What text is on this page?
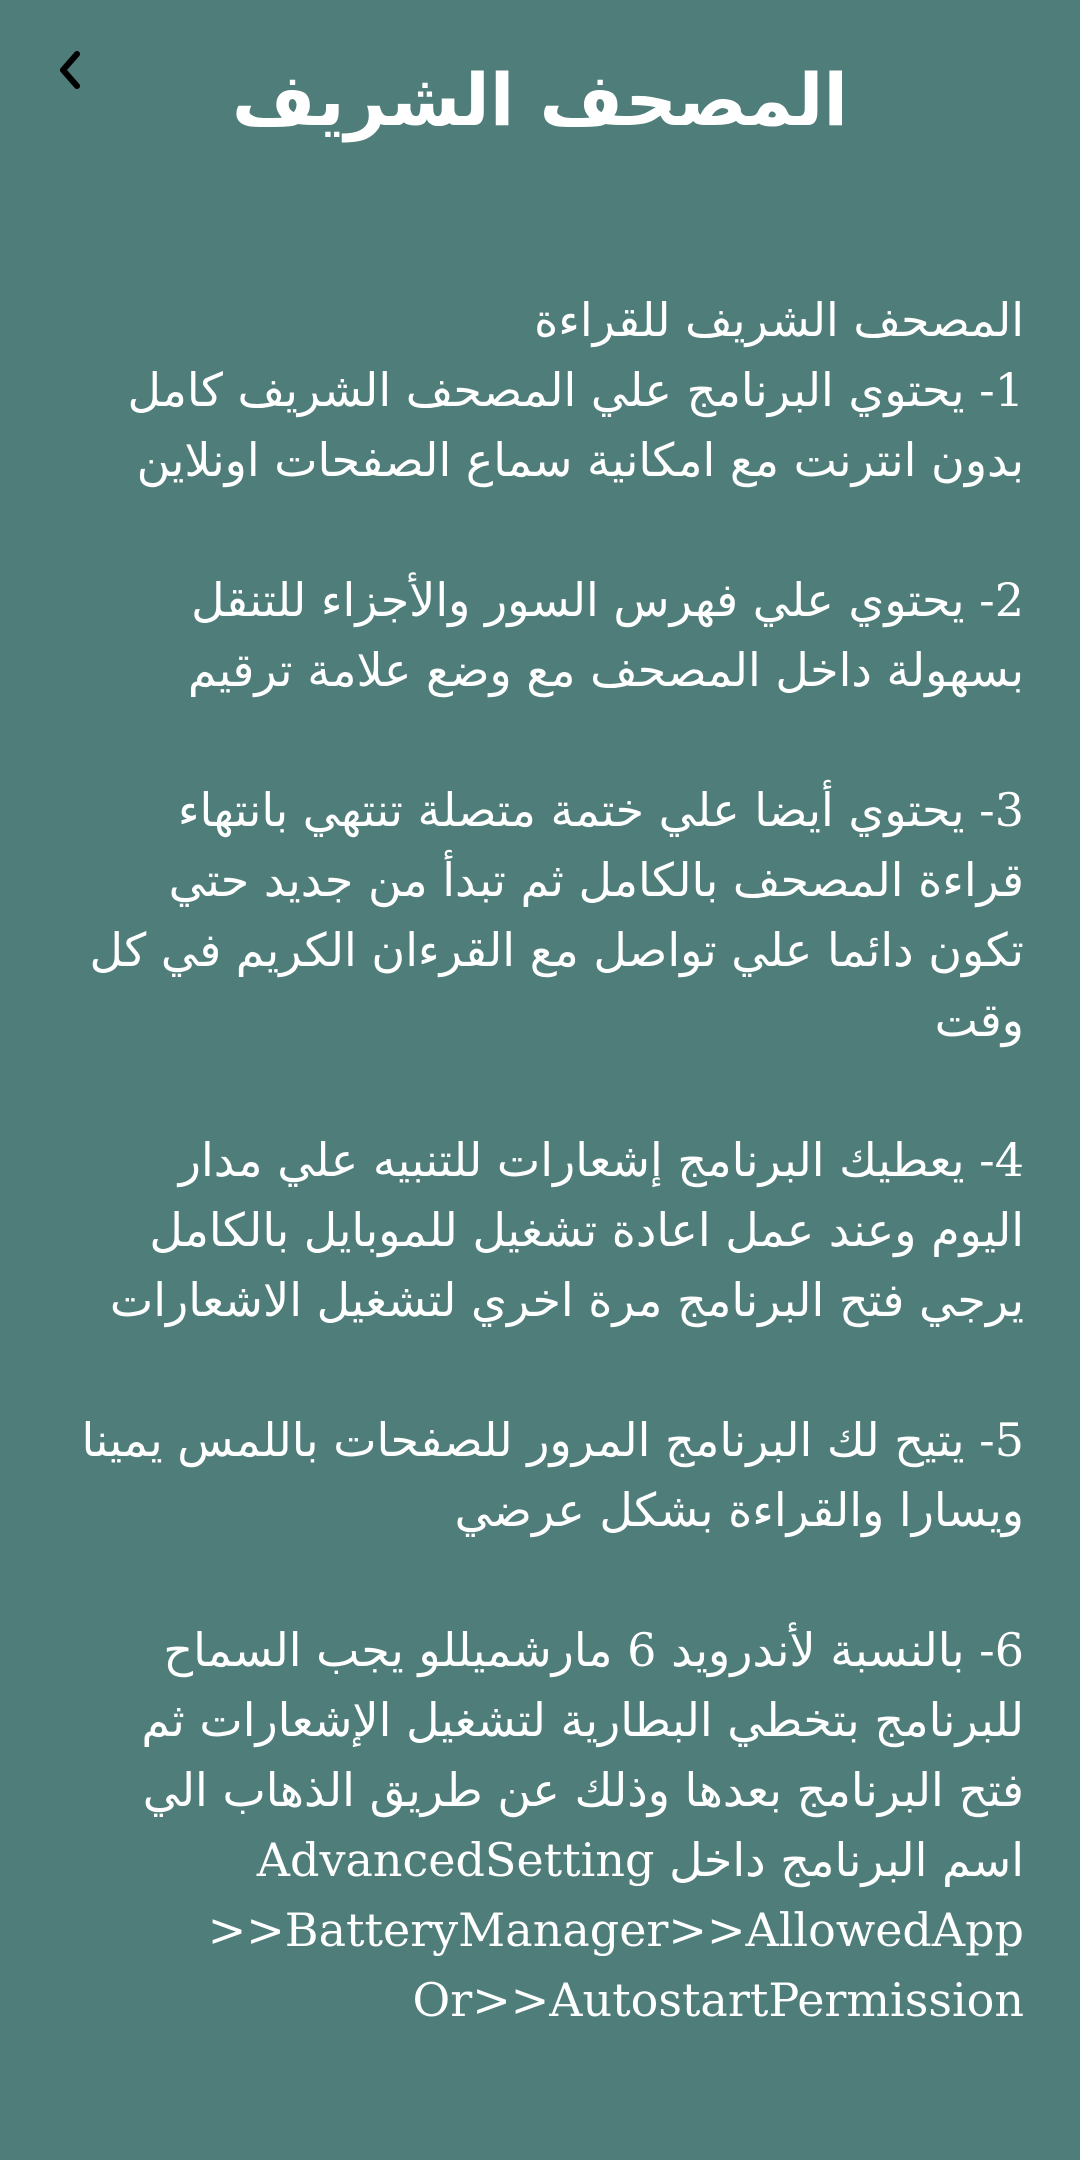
المصحف الشريف

المصحف الشريف للقراءة

1- يحتوي البرنامج علي المصحف الشريف كامل بدون انترنت مع امكانية سماع الصفحات اونلاين

2- يحتوي علي فهرس السور والأجزاء للتنقل بسهولة داخل المصحف مع وضع علامة ترقيم

3- يحتوي أيضا علي ختمة متصلة تنتهي بانتهاء قراءة المصحف بالكامل ثم تبدأ من جديد حتي تكون دائما علي تواصل مع القرءان الكريم في كل وقت

4- يعطيك البرنامج إشعارات للتنبيه علي مدار اليوم وعند عمل اعادة تشغيل للموبايل بالكامل يرجي فتح البرنامج مرة اخري لتشغيل الاشعارات

5- يتيح لك البرنامج المرور للصفحات باللمس يمينا ويسارا والقراءة بشكل عرضي

6- بالنسبة لأندرويد 6 مارشميللو يجب السماح للبرنامج بتخطي البطارية لتشغيل الإشعارات ثم فتح البرنامج بعدها وذلك عن طريق الذهاب الي اسم البرنامج داخل AdvancedSetting >>BatteryManager>>AllowedApp Or>>AutostartPermission
